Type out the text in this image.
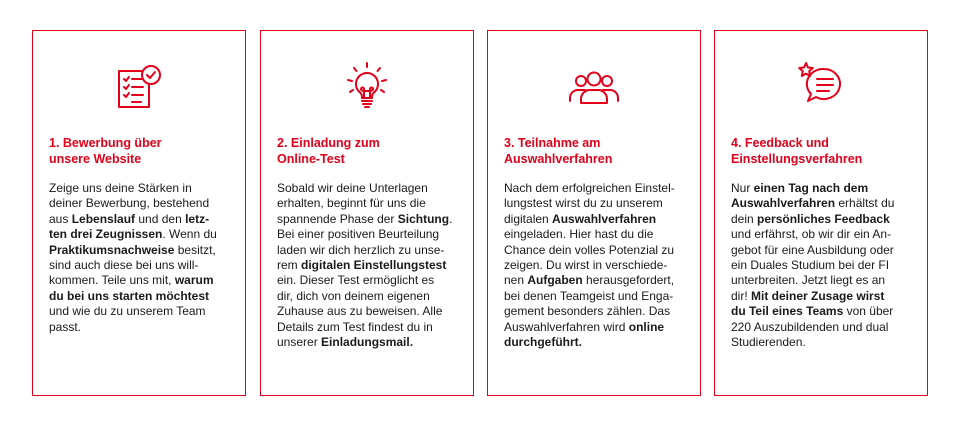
1. Bewerbung über
unsere Website
Zeige uns deine Stärken in
deiner Bewerbung, bestehend
aus Lebenslauf und den letz-
ten drei Zeugnissen. Wenn du
Praktikumsnachweise besitzt,
sind auch diese bei uns will-
kommen. Teile uns mit, warum
du bei uns starten möchtest
und wie du zu unserem Team
passt.
2. Einladung zum
Online-Test
Sobald wir deine Unterlagen
erhalten, beginnt für uns die
spannende Phase der Sichtung.
Bei einer positiven Beurteilung
laden wir dich herzlich zu unse-
rem digitalen Einstellungstest
ein. Dieser Test ermöglicht es
dir, dich von deinem eigenen
Zuhause aus zu beweisen. Alle
Details zum Test findest du in
unserer Einladungsmail.
3. Teilnahme am
Auswahlverfahren
Nach dem erfolgreichen Einstel-
lungstest wirst du zu unserem
digitalen Auswahlverfahren
eingeladen. Hier hast du die
Chance dein volles Potenzial zu
zeigen. Du wirst in verschiede-
nen Aufgaben herausgefordert,
bei denen Teamgeist und Enga-
gement besonders zählen. Das
Auswahlverfahren wird online
durchgeführt.
4. Feedback und
Einstellungsverfahren
Nur einen Tag nach dem
Auswahlverfahren erhältst du
dein persönliches Feedback
und erfährst, ob wir dir ein An-
gebot für eine Ausbildung oder
ein Duales Studium bei der FI
unterbreiten. Jetzt liegt es an
dir! Mit deiner Zusage wirst
du Teil eines Teams von über
220 Auszubildenden und dual
Studierenden.
